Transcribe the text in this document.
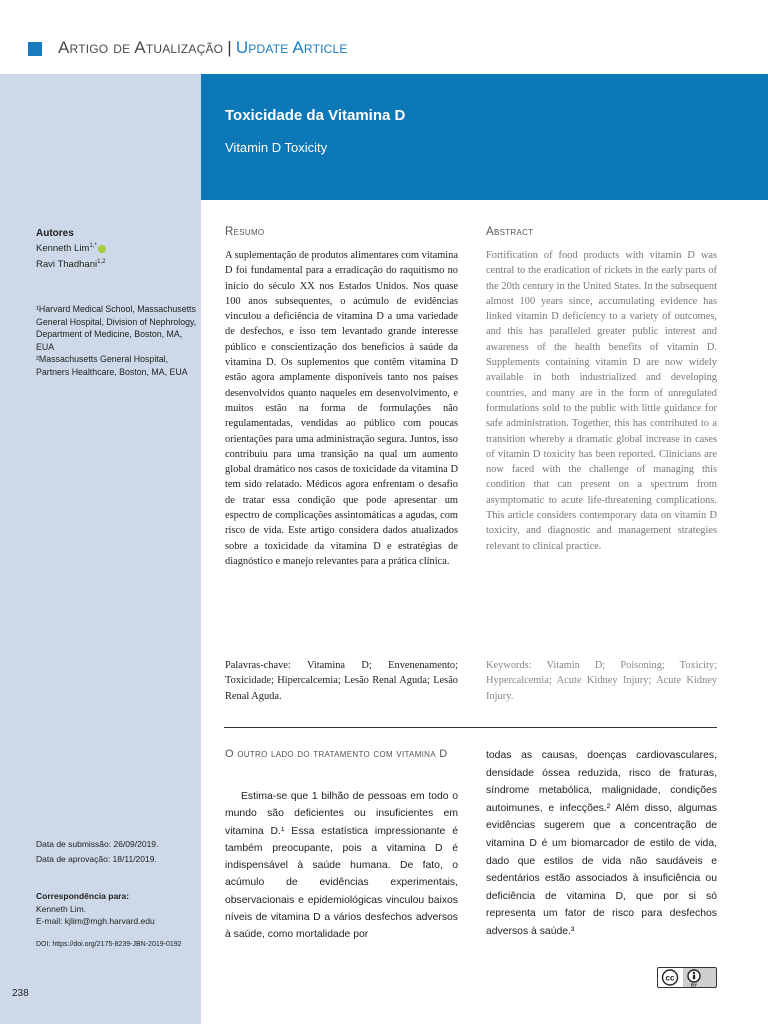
Artigo de Atualização | Update Article
Toxicidade da Vitamina D
Vitamin D Toxicity
Autores
Kenneth Lim$^{1,*}$
Ravi Thadhani$^{1,2}$

¹Harvard Medical School, Massachusetts General Hospital, Division of Nephrology, Department of Medicine, Boston, MA, EUA

²Massachusetts General Hospital, Partners Healthcare, Boston, MA, EUA

Data de submissão: 26/09/2019.

Data de aprovação: 18/11/2019.

Correspondência para:

Kenneth Lim.

E-mail: kjlim@mgh.harvard.edu

DOI: https://doi.org/2175-8239-JBN-2019-0192
238
Resumo

A suplementação de produtos alimentares com vitamina D foi fundamental para a erradicação do raquitismo no início do século XX nos Estados Unidos. Nos quase 100 anos subsequentes, o acúmulo de evidências vinculou a deficiência de vitamina D a uma variedade de desfechos, e isso tem levantado grande interesse público e conscientização dos benefícios à saúde da vitamina D. Os suplementos que contêm vitamina D estão agora amplamente disponíveis tanto nos países desenvolvidos quanto naqueles em desenvolvimento, e muitos estão na forma de formulações não regulamentadas, vendidas ao público com poucas orientações para uma administração segura. Juntos, isso contribuiu para uma transição na qual um aumento global dramático nos casos de toxicidade da vitamina D tem sido relatado. Médicos agora enfrentam o desafio de tratar essa condição que pode apresentar um espectro de complicações assintomáticas a agudas, com risco de vida. Este artigo considera dados atualizados sobre a toxicidade da vitamina D e estratégias de diagnóstico e manejo relevantes para a prática clínica.

Palavras-chave: Vitamina D; Envenenamento; Toxicidade; Hipercalcemia; Lesão Renal Aguda; Lesão Renal Aguda.

Abstract

Fortification of food products with vitamin D was central to the eradication of rickets in the early parts of the 20th century in the United States. In the subsequent almost 100 years since, accumulating evidence has linked vitamin D deficiency to a variety of outcomes, and this has paralleled greater public interest and awareness of the health benefits of vitamin D. Supplements containing vitamin D are now widely available in both industrialized and developing countries, and many are in the form of unregulated formulations sold to the public with little guidance for safe administration. Together, this has contributed to a transition whereby a dramatic global increase in cases of vitamin D toxicity has been reported. Clinicians are now faced with the challenge of managing this condition that can present on a spectrum from asymptomatic to acute life-threatening complications. This article considers contemporary data on vitamin D toxicity, and diagnostic and management strategies relevant to clinical practice.

Keywords: Vitamin D; Poisoning; Toxicity; Hypercalcemia; Acute Kidney Injury; Acute Kidney Injury.

O outro lado do tratamento com vitamina D

Estima-se que 1 bilhão de pessoas em todo o mundo são deficientes ou insuficientes em vitamina D.¹ Essa estatística impressionante é também preocupante, pois a vitamina D é indispensável à saúde humana. De fato, o acúmulo de evidências experimentais, observacionais e epidemiológicas vinculou baixos níveis de vitamina D a vários desfechos adversos à saúde, como mortalidade por

todas as causas, doenças cardiovasculares, densidade óssea reduzida, risco de fraturas, síndrome metabólica, malignidade, condições autoimunes, e infecções.² Além disso, algumas evidências sugerem que a concentração de vitamina D é um biomarcador de estilo de vida, dado que estilos de vida não saudáveis e sedentários estão associados à insuficiência ou deficiência de vitamina D, que por si só representa um fator de risco para desfechos adversos à saúde.³

cc
BY
